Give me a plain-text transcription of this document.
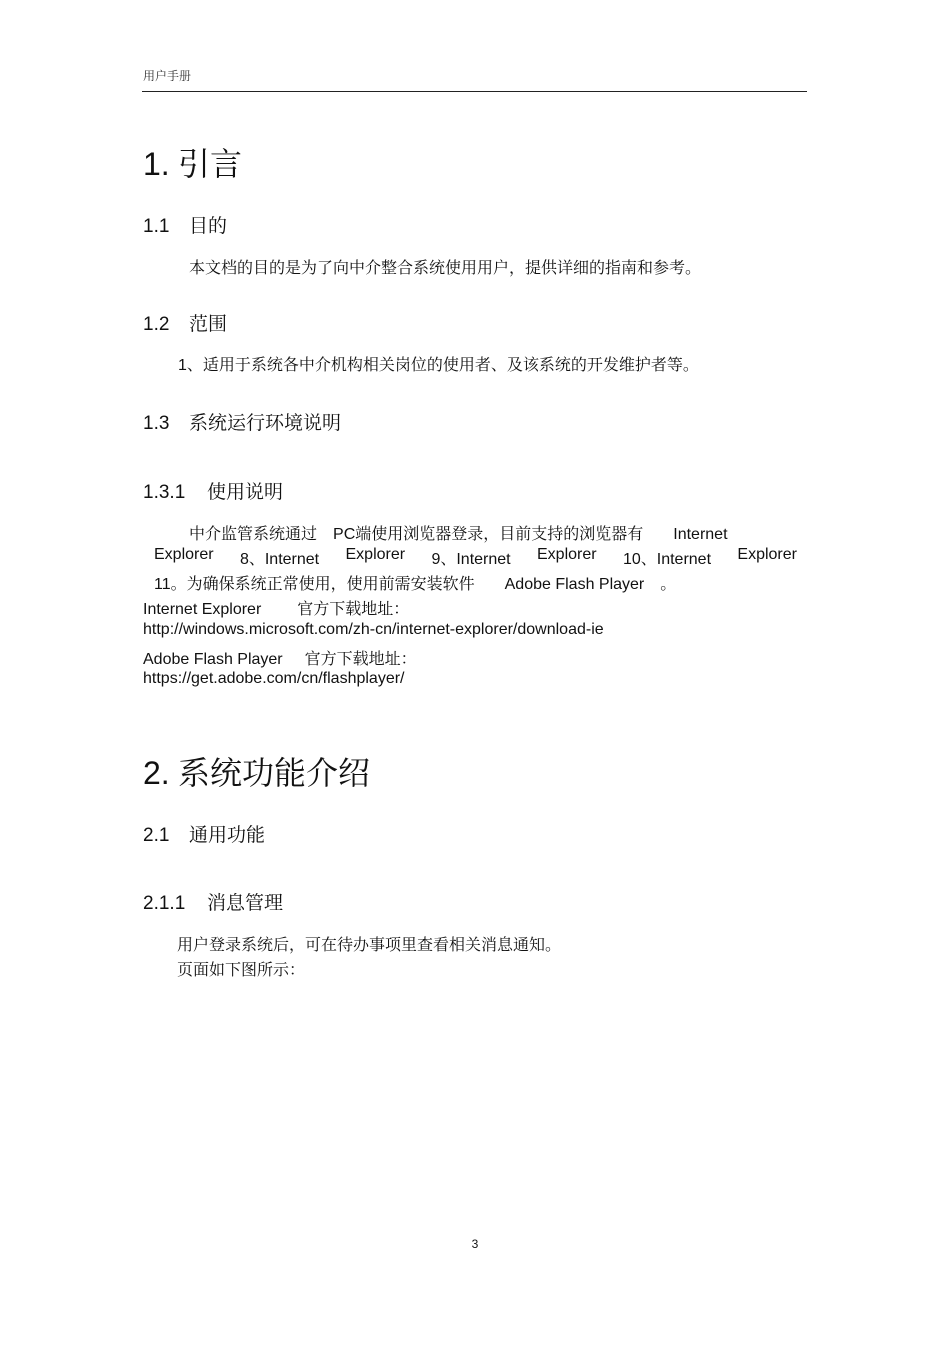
用户手册
1. 引言
1.1 目的
本文档的目的是为了向中介整合系统使用用户，提供详细的指南和参考。
1.2 范围
1、适用于系统各中介机构相关岗位的使用者、及该系统的开发维护者等。
1.3 系统运行环境说明
1.3.1 使用说明
中介监管系统通过 PC端使用浏览器登录，目前支持的浏览器有 Internet
Explorer 8、Internet Explorer 9、Internet Explorer 10、Internet Explorer
11。为确保系统正常使用，使用前需安装软件 Adobe Flash Player 。
Internet Explorer 官方下载地址：
http://windows.microsoft.com/zh-cn/internet-explorer/download-ie
Adobe Flash Player 官方下载地址：
https://get.adobe.com/cn/flashplayer/
2. 系统功能介绍
2.1 通用功能
2.1.1 消息管理
用户登录系统后，可在待办事项里查看相关消息通知。
页面如下图所示：
3
